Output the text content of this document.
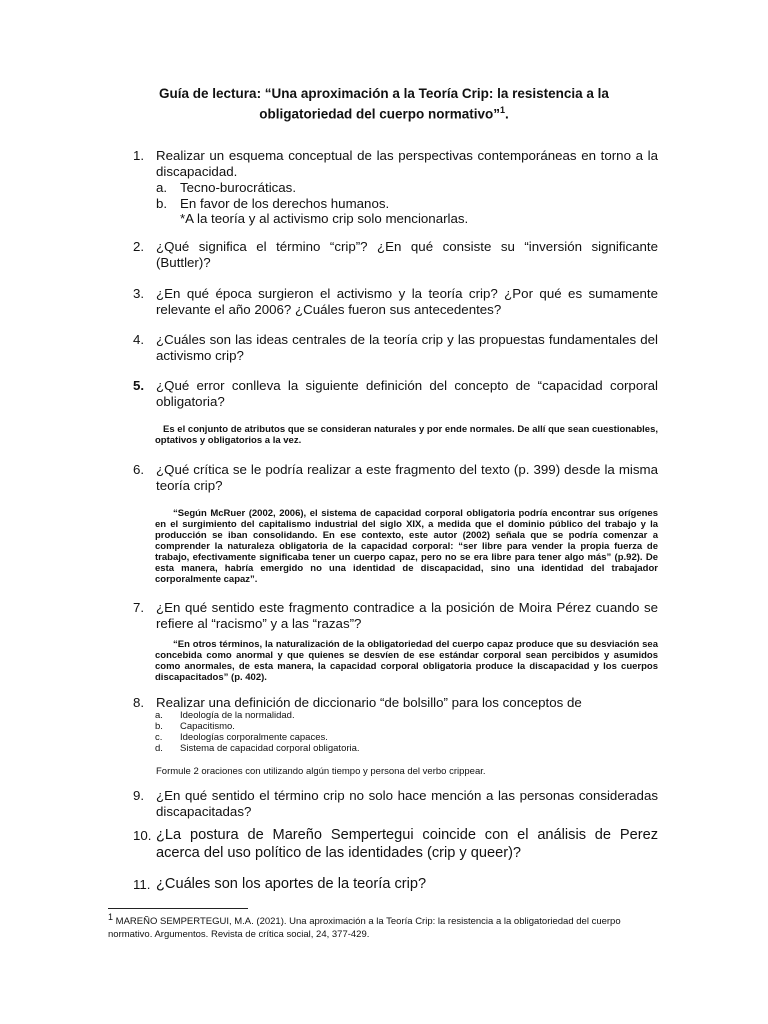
Guía de lectura: “Una aproximación a la Teoría Crip: la resistencia a la
obligatoriedad del cuerpo normativo”$^1$.
1. Realizar un esquema conceptual de las perspectivas contemporáneas en torno a la discapacidad.
a. Tecno-burocráticas.
b. En favor de los derechos humanos.
*A la teoría y al activismo crip solo mencionarlas.
2. ¿Qué significa el término “crip”? ¿En qué consiste su “inversión significante (Buttler)?
3. ¿En qué época surgieron el activismo y la teoría crip? ¿Por qué es sumamente relevante el año 2006? ¿Cuáles fueron sus antecedentes?
4. ¿Cuáles son las ideas centrales de la teoría crip y las propuestas fundamentales del activismo crip?
5. ¿Qué error conlleva la siguiente definición del concepto de “capacidad corporal obligatoria?
Es el conjunto de atributos que se consideran naturales y por ende normales. De allí que sean cuestionables, optativos y obligatorios a la vez.
6. ¿Qué crítica se le podría realizar a este fragmento del texto (p. 399) desde la misma teoría crip?
“Según McRuer (2002, 2006), el sistema de capacidad corporal obligatoria podría encontrar sus orígenes en el surgimiento del capitalismo industrial del siglo XIX, a medida que el dominio público del trabajo y la producción se iban consolidando. En ese contexto, este autor (2002) señala que se podría comenzar a comprender la naturaleza obligatoria de la capacidad corporal: “ser libre para vender la propia fuerza de trabajo, efectivamente significaba tener un cuerpo capaz, pero no se era libre para tener algo más” (p.92). De esta manera, habría emergido no una identidad de discapacidad, sino una identidad del trabajador corporalmente capaz”.
7. ¿En qué sentido este fragmento contradice a la posición de Moira Pérez cuando se refiere al “racismo” y a las “razas”?
“En otros términos, la naturalización de la obligatoriedad del cuerpo capaz produce que su desviación sea concebida como anormal y que quienes se desvíen de ese estándar corporal sean percibidos y asumidos como anormales, de esta manera, la capacidad corporal obligatoria produce la discapacidad y los cuerpos discapacitados” (p. 402).
8. Realizar una definición de diccionario “de bolsillo” para los conceptos de
a. Ideología de la normalidad.
b. Capacitismo.
c. Ideologías corporalmente capaces.
d. Sistema de capacidad corporal obligatoria.
Formule 2 oraciones con utilizando algún tiempo y persona del verbo crippear.
9. ¿En qué sentido el término crip no solo hace mención a las personas consideradas discapacitadas?
10. ¿La postura de Mareño Sempertegui coincide con el análisis de Perez acerca del uso político de las identidades (crip y queer)?
11. ¿Cuáles son los aportes de la teoría crip?
$^1$ MAREÑO SEMPERTEGUI, M.A. (2021). Una aproximación a la Teoría Crip: la resistencia a la obligatoriedad del cuerpo normativo. Argumentos. Revista de crítica social, 24, 377-429.
